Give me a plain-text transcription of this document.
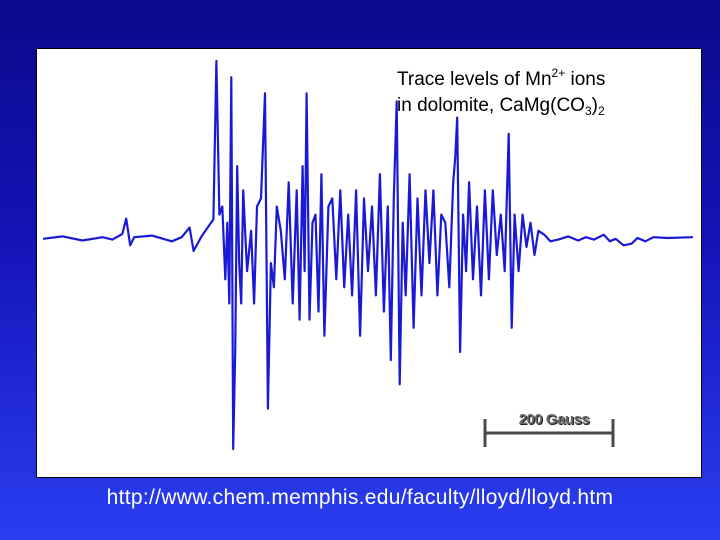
Trace levels of $Mn^{2+}$ ions
in dolomite, $CaMg(CO_3)_2$
200 Gauss
http://www.chem.memphis.edu/faculty/lloyd/lloyd.htm
